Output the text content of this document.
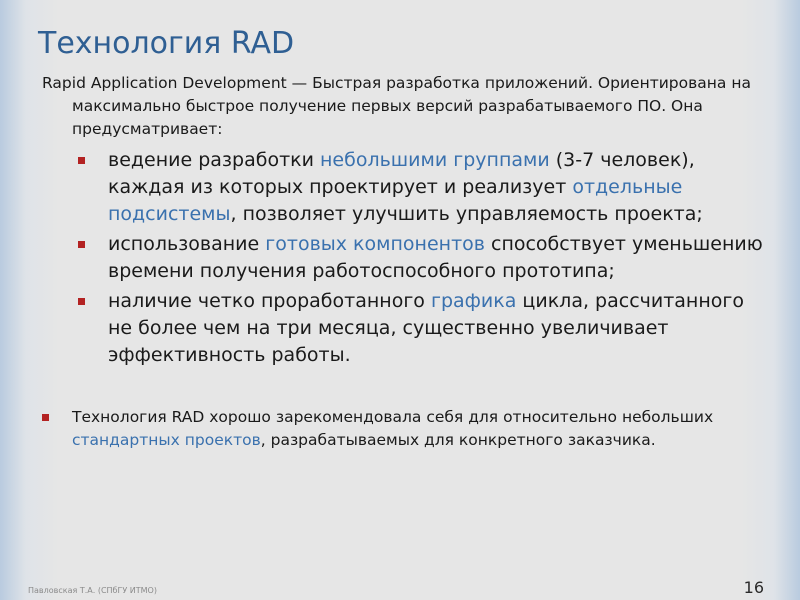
Технология RAD
Rapid Application Development — Быстрая разработка приложений. Ориентирована на максимально быстрое получение первых версий разрабатываемого ПО. Она предусматривает:
ведение разработки небольшими группами (3-7 человек), каждая из которых проектирует и реализует отдельные подсистемы, позволяет улучшить управляемость проекта;
использование готовых компонентов способствует уменьшению времени получения работоспособного прототипа;
наличие четко проработанного графика цикла, рассчитанного не более чем на три месяца, существенно увеличивает эффективность работы.
Технология RAD хорошо зарекомендовала себя для относительно небольших стандартных проектов, разрабатываемых для конкретного заказчика.
Павловская Т.А. (СПбГУ ИТМО)	16
